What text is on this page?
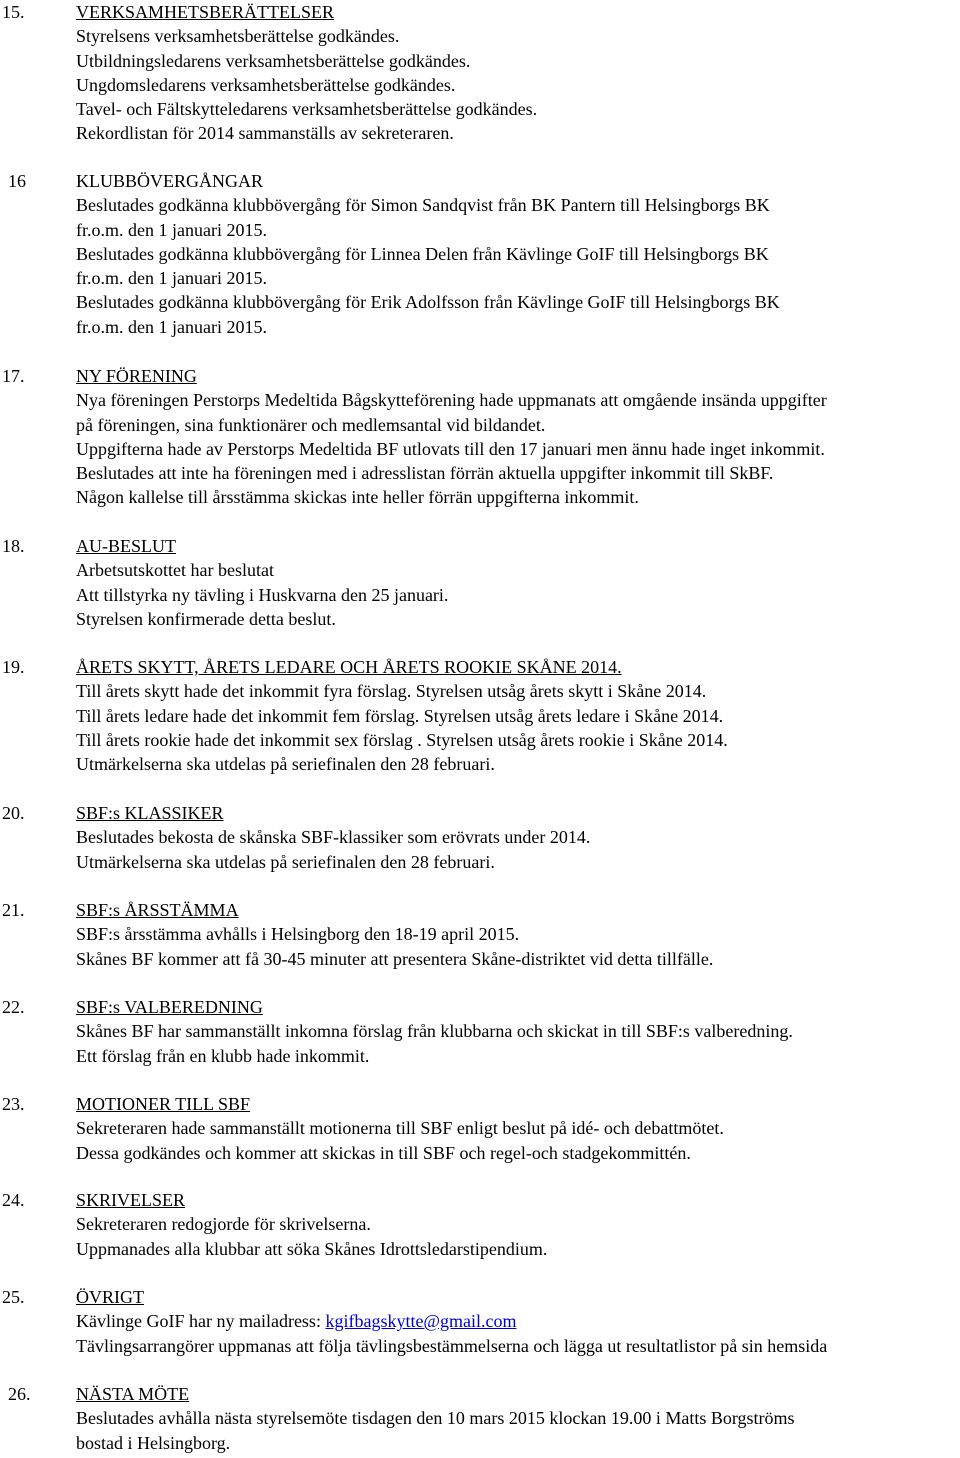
15.	VERKSAMHETSBERÄTTELSER
Styrelsens verksamhetsberättelse godkändes.
Utbildningsledarens verksamhetsberättelse godkändes.
Ungdomsledarens verksamhetsberättelse godkändes.
Tavel- och Fältskytteledarens verksamhetsberättelse godkändes.
Rekordlistan för 2014 sammanställs av sekreteraren.
16	KLUBBÖVERGÅNGAR
Beslutades godkänna klubbövergång för Simon Sandqvist från BK Pantern till Helsingborgs BK
fr.o.m. den 1 januari 2015.
Beslutades godkänna klubbövergång för Linnea Delen från Kävlinge GoIF till Helsingborgs BK
fr.o.m. den 1 januari 2015.
Beslutades godkänna klubbövergång för Erik Adolfsson från Kävlinge GoIF till Helsingborgs BK
fr.o.m. den 1 januari 2015.
17.	NY FÖRENING
Nya föreningen Perstorps Medeltida Bågskytteförening hade uppmanats att omgående insända uppgifter
på föreningen, sina funktionärer och medlemsantal vid bildandet.
Uppgifterna hade av Perstorps Medeltida BF utlovats till den 17 januari men ännu hade inget inkommit.
Beslutades att inte ha föreningen med i adresslistan förrän aktuella uppgifter inkommit till SkBF.
Någon kallelse till årsstämma skickas inte heller förrän uppgifterna inkommit.
18.	AU-BESLUT
Arbetsutskottet har beslutat
Att tillstyrka ny tävling i Huskvarna den 25 januari.
Styrelsen konfirmerade detta beslut.
19.	ÅRETS SKYTT, ÅRETS LEDARE OCH ÅRETS ROOKIE SKÅNE 2014.
Till årets skytt hade det inkommit fyra förslag. Styrelsen utsåg årets skytt i Skåne 2014.
Till årets ledare hade det inkommit fem förslag. Styrelsen utsåg årets ledare i Skåne 2014.
Till årets rookie hade det inkommit sex förslag . Styrelsen utsåg årets rookie i Skåne 2014.
Utmärkelserna ska utdelas på seriefinalen den 28 februari.
20.	SBF:s KLASSIKER
Beslutades bekosta de skånska SBF-klassiker som erövrats under 2014.
Utmärkelserna ska utdelas på seriefinalen den 28 februari.
21.	SBF:s ÅRSSTÄMMA
SBF:s årsstämma avhålls i Helsingborg den 18-19 april 2015.
Skånes BF kommer att få 30-45 minuter att presentera Skåne-distriktet vid detta tillfälle.
22.	SBF:s VALBEREDNING
Skånes BF har sammanställt inkomna förslag från klubbarna och skickat in till SBF:s valberedning.
Ett förslag från en klubb hade inkommit.
23.	MOTIONER TILL SBF
Sekreteraren hade sammanställt motionerna till SBF enligt beslut på idé- och debattmötet.
Dessa godkändes och kommer att skickas in till SBF och regel-och stadgekommittén.
24.	SKRIVELSER
Sekreteraren redogjorde för skrivelserna.
Uppmanades alla klubbar att söka Skånes Idrottsledarstipendium.
25.	ÖVRIGT
Kävlinge GoIF har ny mailadress: kgifbagskytte@gmail.com
Tävlingsarrangörer uppmanas att följa tävlingsbestämmelserna och lägga ut resultatlistor på sin hemsida
26.	NÄSTA MÖTE
Beslutades avhålla nästa styrelsemöte tisdagen den 10 mars 2015 klockan 19.00 i Matts Borgströms
bostad i Helsingborg.
